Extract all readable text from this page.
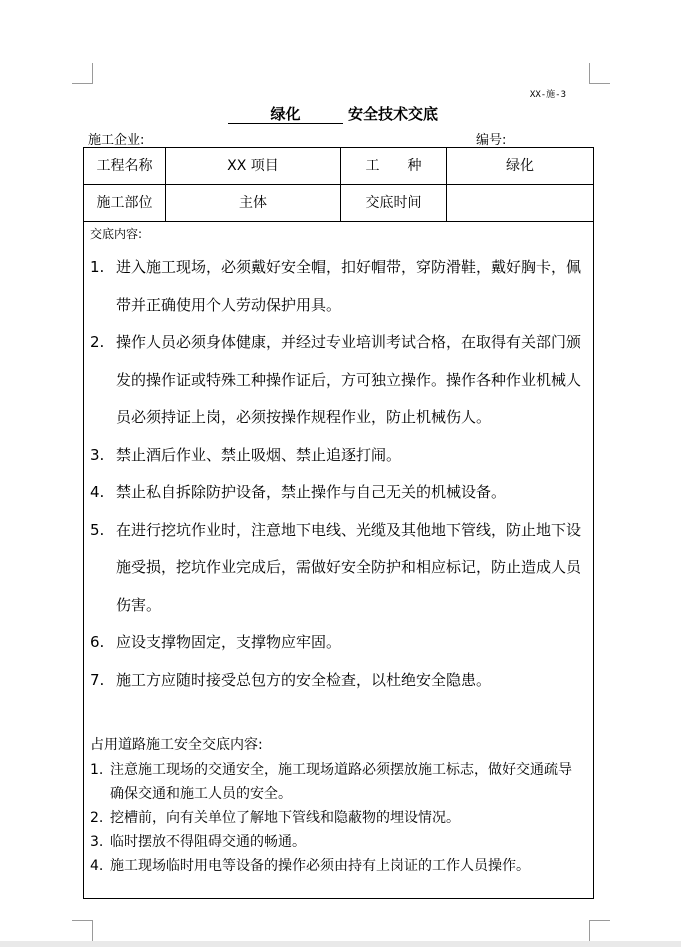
XX-施-3
绿化	安全技术交底
施工企业:	编号:
工程名称	XX 项目	工　　种	绿化
施工部位	主体	交底时间
交底内容:
1. 进入施工现场，必须戴好安全帽，扣好帽带，穿防滑鞋，戴好胸卡，佩带并正确使用个人劳动保护用具。
2. 操作人员必须身体健康，并经过专业培训考试合格，在取得有关部门颁发的操作证或特殊工种操作证后，方可独立操作。操作各种作业机械人员必须持证上岗，必须按操作规程作业，防止机械伤人。
3. 禁止酒后作业、禁止吸烟、禁止追逐打闹。
4. 禁止私自拆除防护设备，禁止操作与自己无关的机械设备。
5. 在进行挖坑作业时，注意地下电线、光缆及其他地下管线，防止地下设施受损，挖坑作业完成后，需做好安全防护和相应标记，防止造成人员伤害。
6. 应设支撑物固定，支撑物应牢固。
7. 施工方应随时接受总包方的安全检查，以杜绝安全隐患。
占用道路施工安全交底内容:
1. 注意施工现场的交通安全，施工现场道路必须摆放施工标志，做好交通疏导确保交通和施工人员的安全。
2. 挖槽前，向有关单位了解地下管线和隐蔽物的埋设情况。
3. 临时摆放不得阻碍交通的畅通。
4. 施工现场临时用电等设备的操作必须由持有上岗证的工作人员操作。
